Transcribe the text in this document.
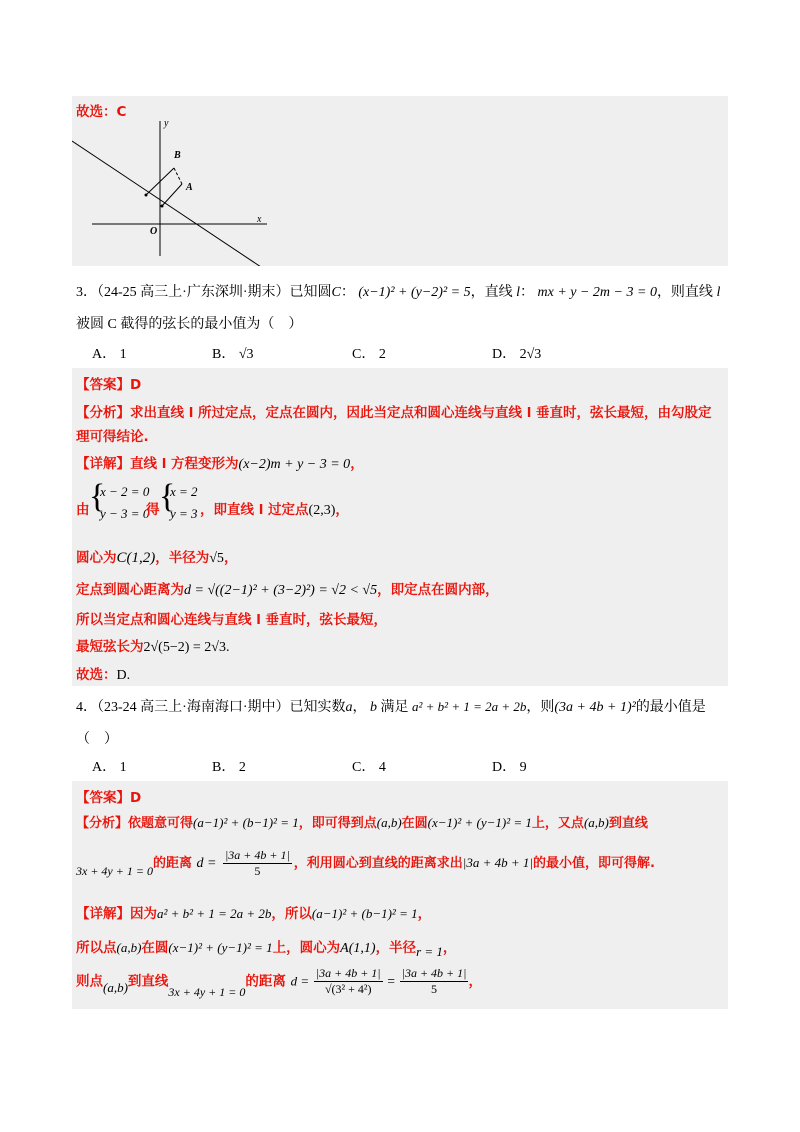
故选：C
y
x
O
A
B
3．（24-25 高三上·广东深圳·期末）已知圆C： (x−1)² + (y−2)² = 5，直线 l： mx + y − 2m − 3 = 0，则直线 l
被圆 C 截得的弦长的最小值为（　）
A． 1	B． √3	C． 2	D． 2√3
【答案】D
【分析】求出直线 l 所过定点，定点在圆内，因此当定点和圆心连线与直线 l 垂直时，弦长最短，由勾股定
理可得结论.
【详解】直线 l 方程变形为(x−2)m + y − 3 = 0，
由 {
x − 2 = 0
y − 3 = 0
得 {
x = 2
y = 3 ，即直线 l 过定点(2,3)，
圆心为C(1,2)，半径为√5，
定点到圆心距离为d = √((2−1)² + (3−2)²) = √2 < √5，即定点在圆内部，
所以当定点和圆心连线与直线 l 垂直时，弦长最短，
最短弦长为2√(5−2) = 2√3.
故选：D.
4．（23-24 高三上·海南海口·期中）已知实数a， b 满足 a² + b² + 1 = 2a + 2b，则(3a + 4b + 1)²的最小值是
（　）
A． 1	B． 2	C． 4	D． 9
【答案】D
【分析】依题意可得(a−1)² + (b−1)² = 1，即可得到点(a,b)在圆(x−1)² + (y−1)² = 1上，又点(a,b)到直线
3x + 4y + 1 = 0的距离 $d = \frac{|3a + 4b + 1|}{5}$ ，利用圆心到直线的距离求出|3a + 4b + 1|的最小值，即可得解.
【详解】因为a² + b² + 1 = 2a + 2b，所以(a−1)² + (b−1)² = 1，
所以点(a,b)在圆(x−1)² + (y−1)² = 1上，圆心为A(1,1)，半径r = 1，
则点(a,b)到直线3x + 4y + 1 = 0的距离 $d = \frac{|3a + 4b + 1|}{\text{√(3² + 4²)}} = \frac{|3a + 4b + 1|}{5}$ ，
